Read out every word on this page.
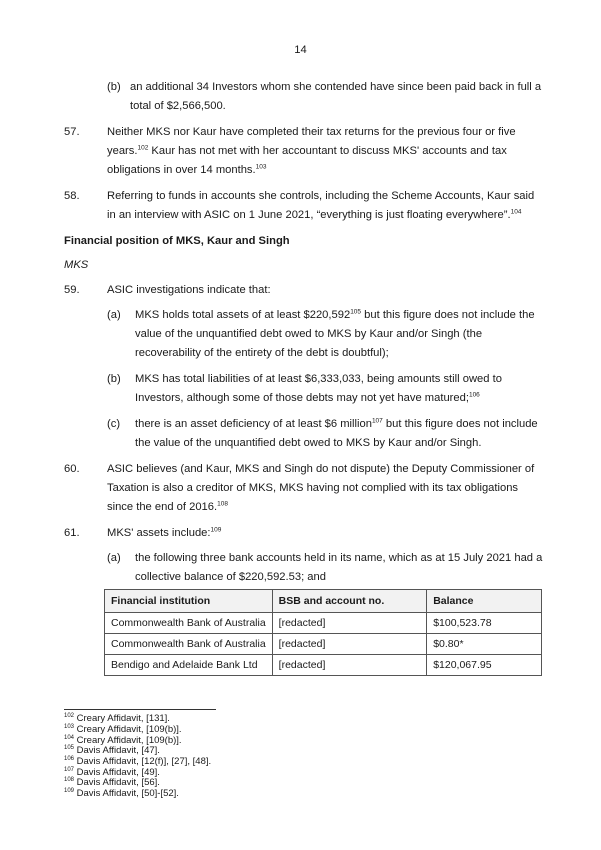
14
(b) an additional 34 Investors whom she contended have since been paid back in full a
total of $2,566,500.
57. Neither MKS nor Kaur have completed their tax returns for the previous four or five
years.$^{102}$ Kaur has not met with her accountant to discuss MKS' accounts and tax
obligations in over 14 months.$^{103}$
58. Referring to funds in accounts she controls, including the Scheme Accounts, Kaur said
in an interview with ASIC on 1 June 2021, “everything is just floating everywhere”.$^{104}$
Financial position of MKS, Kaur and Singh
MKS
59. ASIC investigations indicate that:
(a) MKS holds total assets of at least $220,592$^{105}$ but this figure does not include the
value of the unquantified debt owed to MKS by Kaur and/or Singh (the
recoverability of the entirety of the debt is doubtful);
(b) MKS has total liabilities of at least $6,333,033, being amounts still owed to
Investors, although some of those debts may not yet have matured;$^{106}$
(c) there is an asset deficiency of at least $6 million$^{107}$ but this figure does not include
the value of the unquantified debt owed to MKS by Kaur and/or Singh.
60. ASIC believes (and Kaur, MKS and Singh do not dispute) the Deputy Commissioner of
Taxation is also a creditor of MKS, MKS having not complied with its tax obligations
since the end of 2016.$^{108}$
61. MKS' assets include:$^{109}$
(a) the following three bank accounts held in its name, which as at 15 July 2021 had a
collective balance of $220,592.53; and
Financial institution	BSB and account no.	Balance
Commonwealth Bank of Australia	[redacted]	$100,523.78
Commonwealth Bank of Australia	[redacted]	$0.80*
Bendigo and Adelaide Bank Ltd	[redacted]	$120,067.95
$^{102}$ Creary Affidavit, [131].
$^{103}$ Creary Affidavit, [109(b)].
$^{104}$ Creary Affidavit, [109(b)].
$^{105}$ Davis Affidavit, [47].
$^{106}$ Davis Affidavit, [12(f)], [27], [48].
$^{107}$ Davis Affidavit, [49].
$^{108}$ Davis Affidavit, [56].
$^{109}$ Davis Affidavit, [50]-[52].
